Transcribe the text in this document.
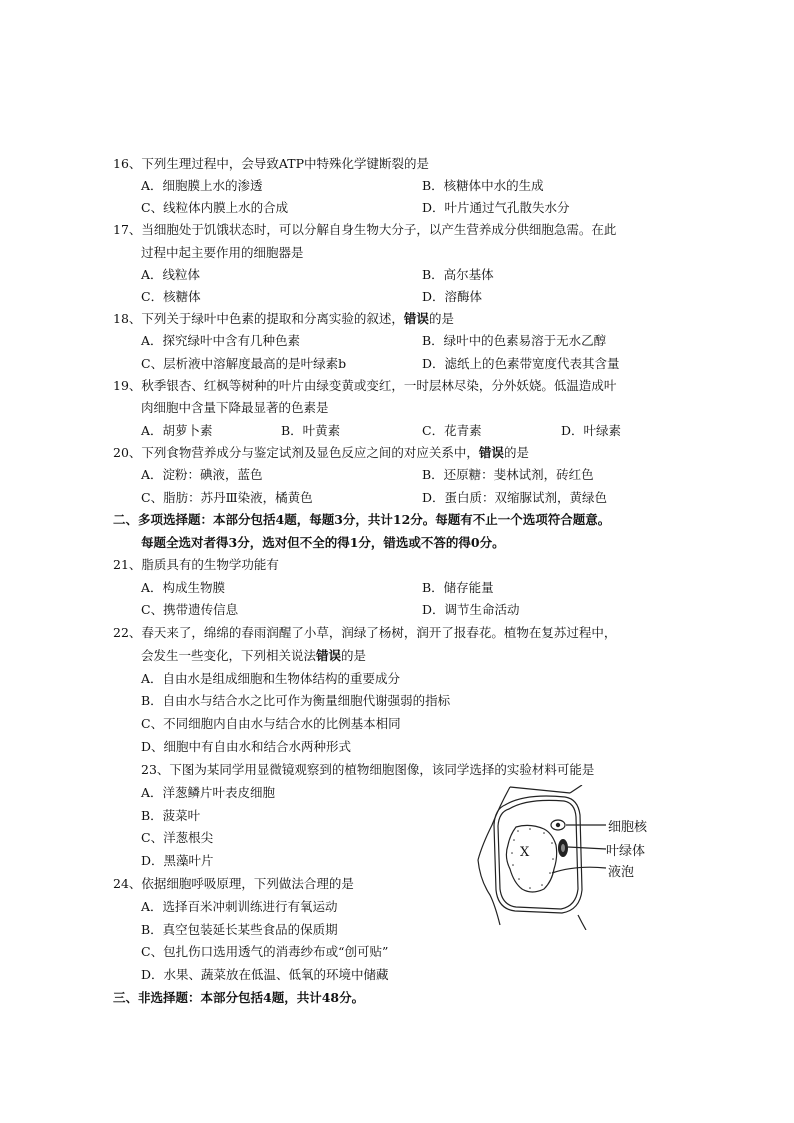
16、下列生理过程中，会导致ATP中特殊化学键断裂的是
A．细胞膜上水的渗透	B．核糖体中水的生成
C、线粒体内膜上水的合成	D．叶片通过气孔散失水分
17、当细胞处于饥饿状态时，可以分解自身生物大分子，以产生营养成分供细胞急需。在此
过程中起主要作用的细胞器是
A．线粒体	B．高尔基体
C．核糖体	D．溶酶体
18、下列关于绿叶中色素的提取和分离实验的叙述，错误的是
A．探究绿叶中含有几种色素	B．绿叶中的色素易溶于无水乙醇
C、层析液中溶解度最高的是叶绿素b	D．滤纸上的色素带宽度代表其含量
19、秋季银杏、红枫等树种的叶片由绿变黄或变红，一时层林尽染，分外妖娆。低温造成叶
肉细胞中含量下降最显著的色素是
A．胡萝卜素	B．叶黄素	C．花青素	D．叶绿素
20、下列食物营养成分与鉴定试剂及显色反应之间的对应关系中，错误的是
A．淀粉：碘液，蓝色	B．还原糖：斐林试剂，砖红色
C、脂肪：苏丹Ⅲ染液，橘黄色	D．蛋白质：双缩脲试剂，黄绿色
二、多项选择题：本部分包括4题，每题3分，共计12分。每题有不止一个选项符合题意。
每题全选对者得3分，选对但不全的得1分，错选或不答的得0分。
21、脂质具有的生物学功能有
A．构成生物膜	B．储存能量
C、携带遗传信息	D．调节生命活动
22、春天来了，绵绵的春雨润醒了小草，润绿了杨树，润开了报春花。植物在复苏过程中，
会发生一些变化，下列相关说法错误的是
A．自由水是组成细胞和生物体结构的重要成分
B．自由水与结合水之比可作为衡量细胞代谢强弱的指标
C、不同细胞内自由水与结合水的比例基本相同
D、细胞中有自由水和结合水两种形式
23、下图为某同学用显微镜观察到的植物细胞图像，该同学选择的实验材料可能是
A．洋葱鳞片叶表皮细胞
B．菠菜叶
C、洋葱根尖
D．黑藻叶片
X
细胞核
叶绿体
液泡
24、依据细胞呼吸原理，下列做法合理的是
A．选择百米冲刺训练进行有氧运动
B．真空包装延长某些食品的保质期
C、包扎伤口选用透气的消毒纱布或“创可贴”
D．水果、蔬菜放在低温、低氧的环境中储藏
三、非选择题：本部分包括4题，共计48分。
